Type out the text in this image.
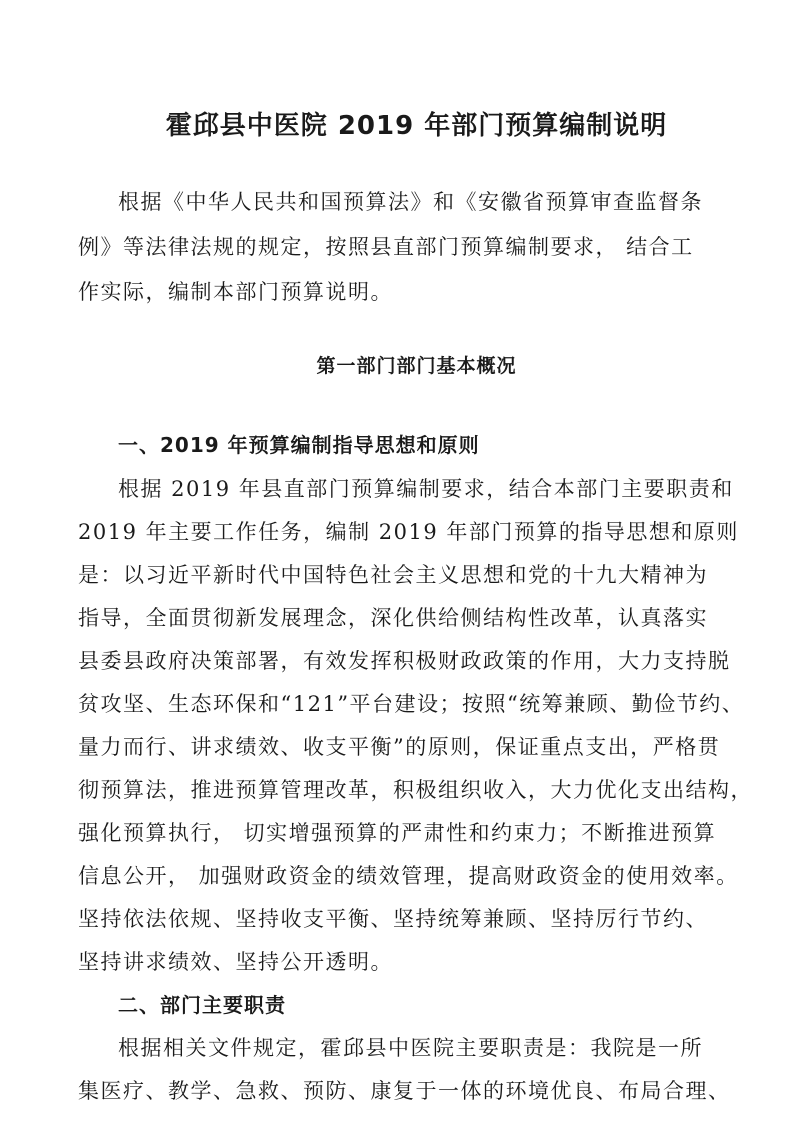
霍邱县中医院 2019 年部门预算编制说明
根据《中华人民共和国预算法》和《安徽省预算审查监督条
例》等法律法规的规定，按照县直部门预算编制要求， 结合工
作实际，编制本部门预算说明。
第一部门部门基本概况
一、2019 年预算编制指导思想和原则
根据 2019 年县直部门预算编制要求，结合本部门主要职责和
2019 年主要工作任务，编制 2019 年部门预算的指导思想和原则
是：以习近平新时代中国特色社会主义思想和党的十九大精神为
指导，全面贯彻新发展理念，深化供给侧结构性改革，认真落实
县委县政府决策部署，有效发挥积极财政政策的作用，大力支持脱
贫攻坚、生态环保和“121”平台建设；按照“统筹兼顾、勤俭节约、
量力而行、讲求绩效、收支平衡”的原则，保证重点支出，严格贯
彻预算法，推进预算管理改革，积极组织收入，大力优化支出结构，
强化预算执行， 切实增强预算的严肃性和约束力；不断推进预算
信息公开， 加强财政资金的绩效管理，提高财政资金的使用效率。
坚持依法依规、坚持收支平衡、坚持统筹兼顾、坚持厉行节约、
坚持讲求绩效、坚持公开透明。
二、部门主要职责
根据相关文件规定，霍邱县中医院主要职责是：我院是一所
集医疗、教学、急救、预防、康复于一体的环境优良、布局合理、
